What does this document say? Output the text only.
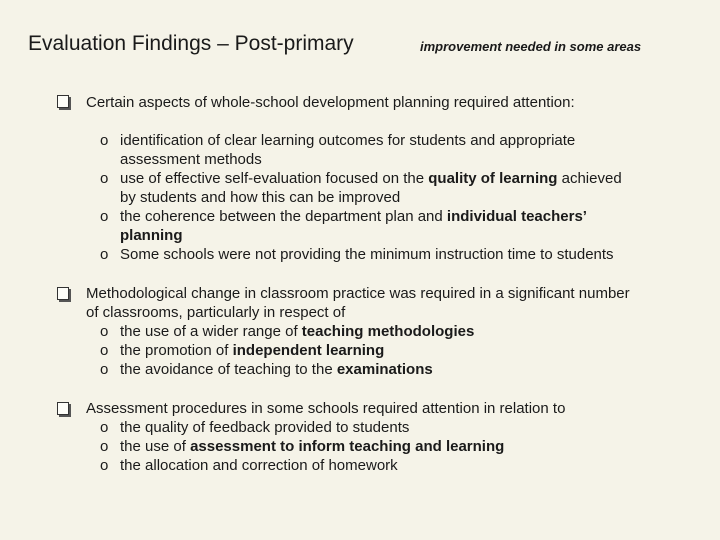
Evaluation Findings – Post-primary	improvement needed in some areas
Certain aspects of whole-school development planning required attention:
o identification of clear learning outcomes for students and appropriate
assessment methods
o use of effective self-evaluation focused on the quality of learning achieved
by students and how this can be improved
o the coherence between the department plan and individual teachers’
planning
o Some schools were not providing the minimum instruction time to students
Methodological change in classroom practice was required in a significant number
of classrooms, particularly in respect of
o the use of a wider range of teaching methodologies
o the promotion of independent learning
o the avoidance of teaching to the examinations
Assessment procedures in some schools required attention in relation to
o the quality of feedback provided to students
o the use of assessment to inform teaching and learning
o the allocation and correction of homework
